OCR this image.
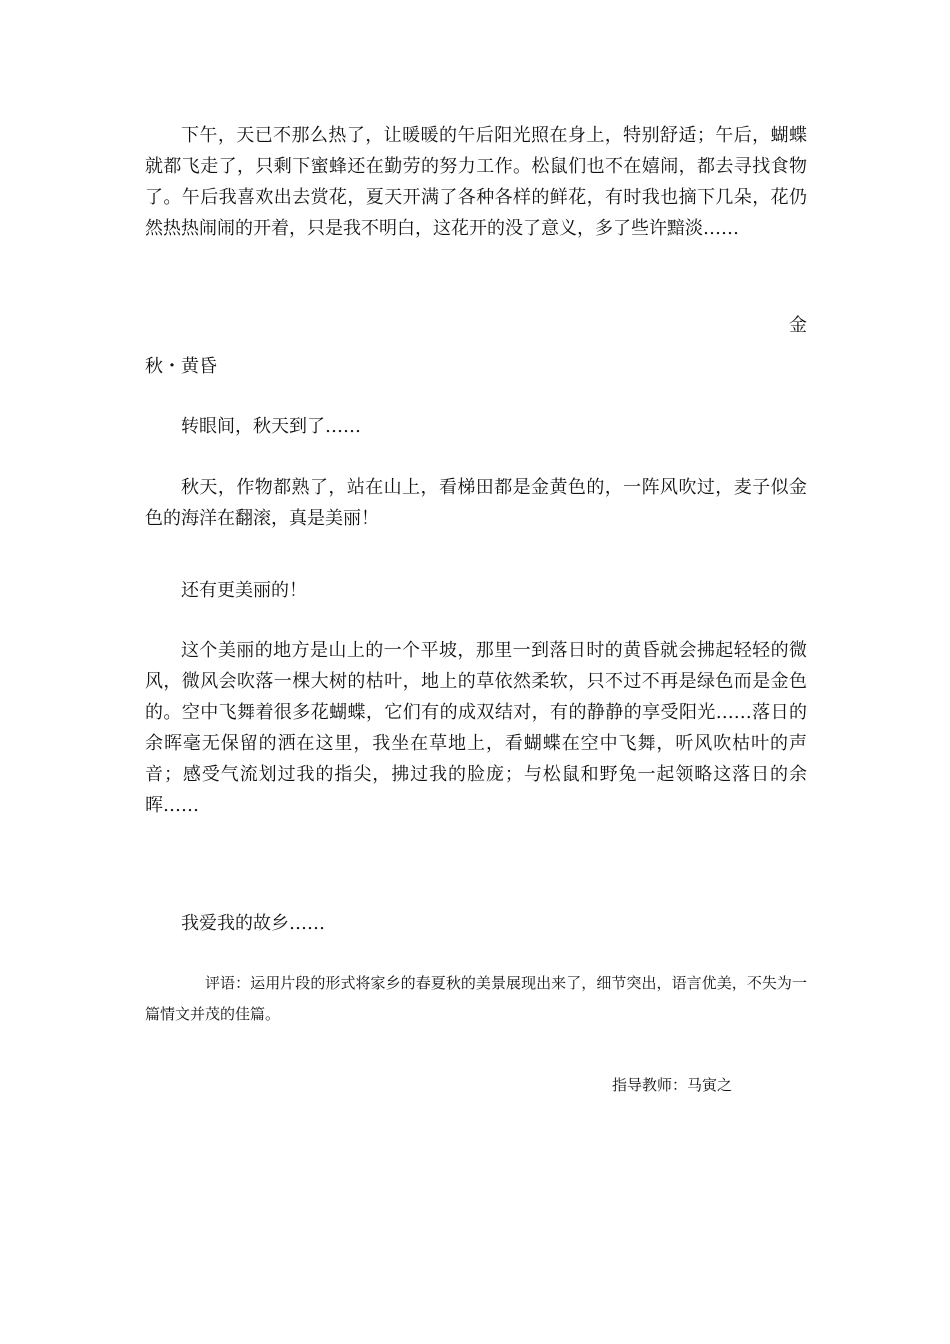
下午，天已不那么热了，让暖暖的午后阳光照在身上，特别舒适；午后，蝴蝶就都飞走了，只剩下蜜蜂还在勤劳的努力工作。松鼠们也不在嬉闹，都去寻找食物了。午后我喜欢出去赏花，夏天开满了各种各样的鲜花，有时我也摘下几朵，花仍然热热闹闹的开着，只是我不明白，这花开的没了意义，多了些许黯淡……

金

秋・黄昏

转眼间，秋天到了……

秋天，作物都熟了，站在山上，看梯田都是金黄色的，一阵风吹过，麦子似金色的海洋在翻滚，真是美丽！

还有更美丽的！

这个美丽的地方是山上的一个平坡，那里一到落日时的黄昏就会拂起轻轻的微风，微风会吹落一棵大树的枯叶，地上的草依然柔软，只不过不再是绿色而是金色的。空中飞舞着很多花蝴蝶，它们有的成双结对，有的静静的享受阳光……落日的余晖毫无保留的洒在这里，我坐在草地上，看蝴蝶在空中飞舞，听风吹枯叶的声音；感受气流划过我的指尖，拂过我的脸庞；与松鼠和野兔一起领略这落日的余晖……

我爱我的故乡……

评语：运用片段的形式将家乡的春夏秋的美景展现出来了，细节突出，语言优美，不失为一篇情文并茂的佳篇。

指导教师：马寅之
